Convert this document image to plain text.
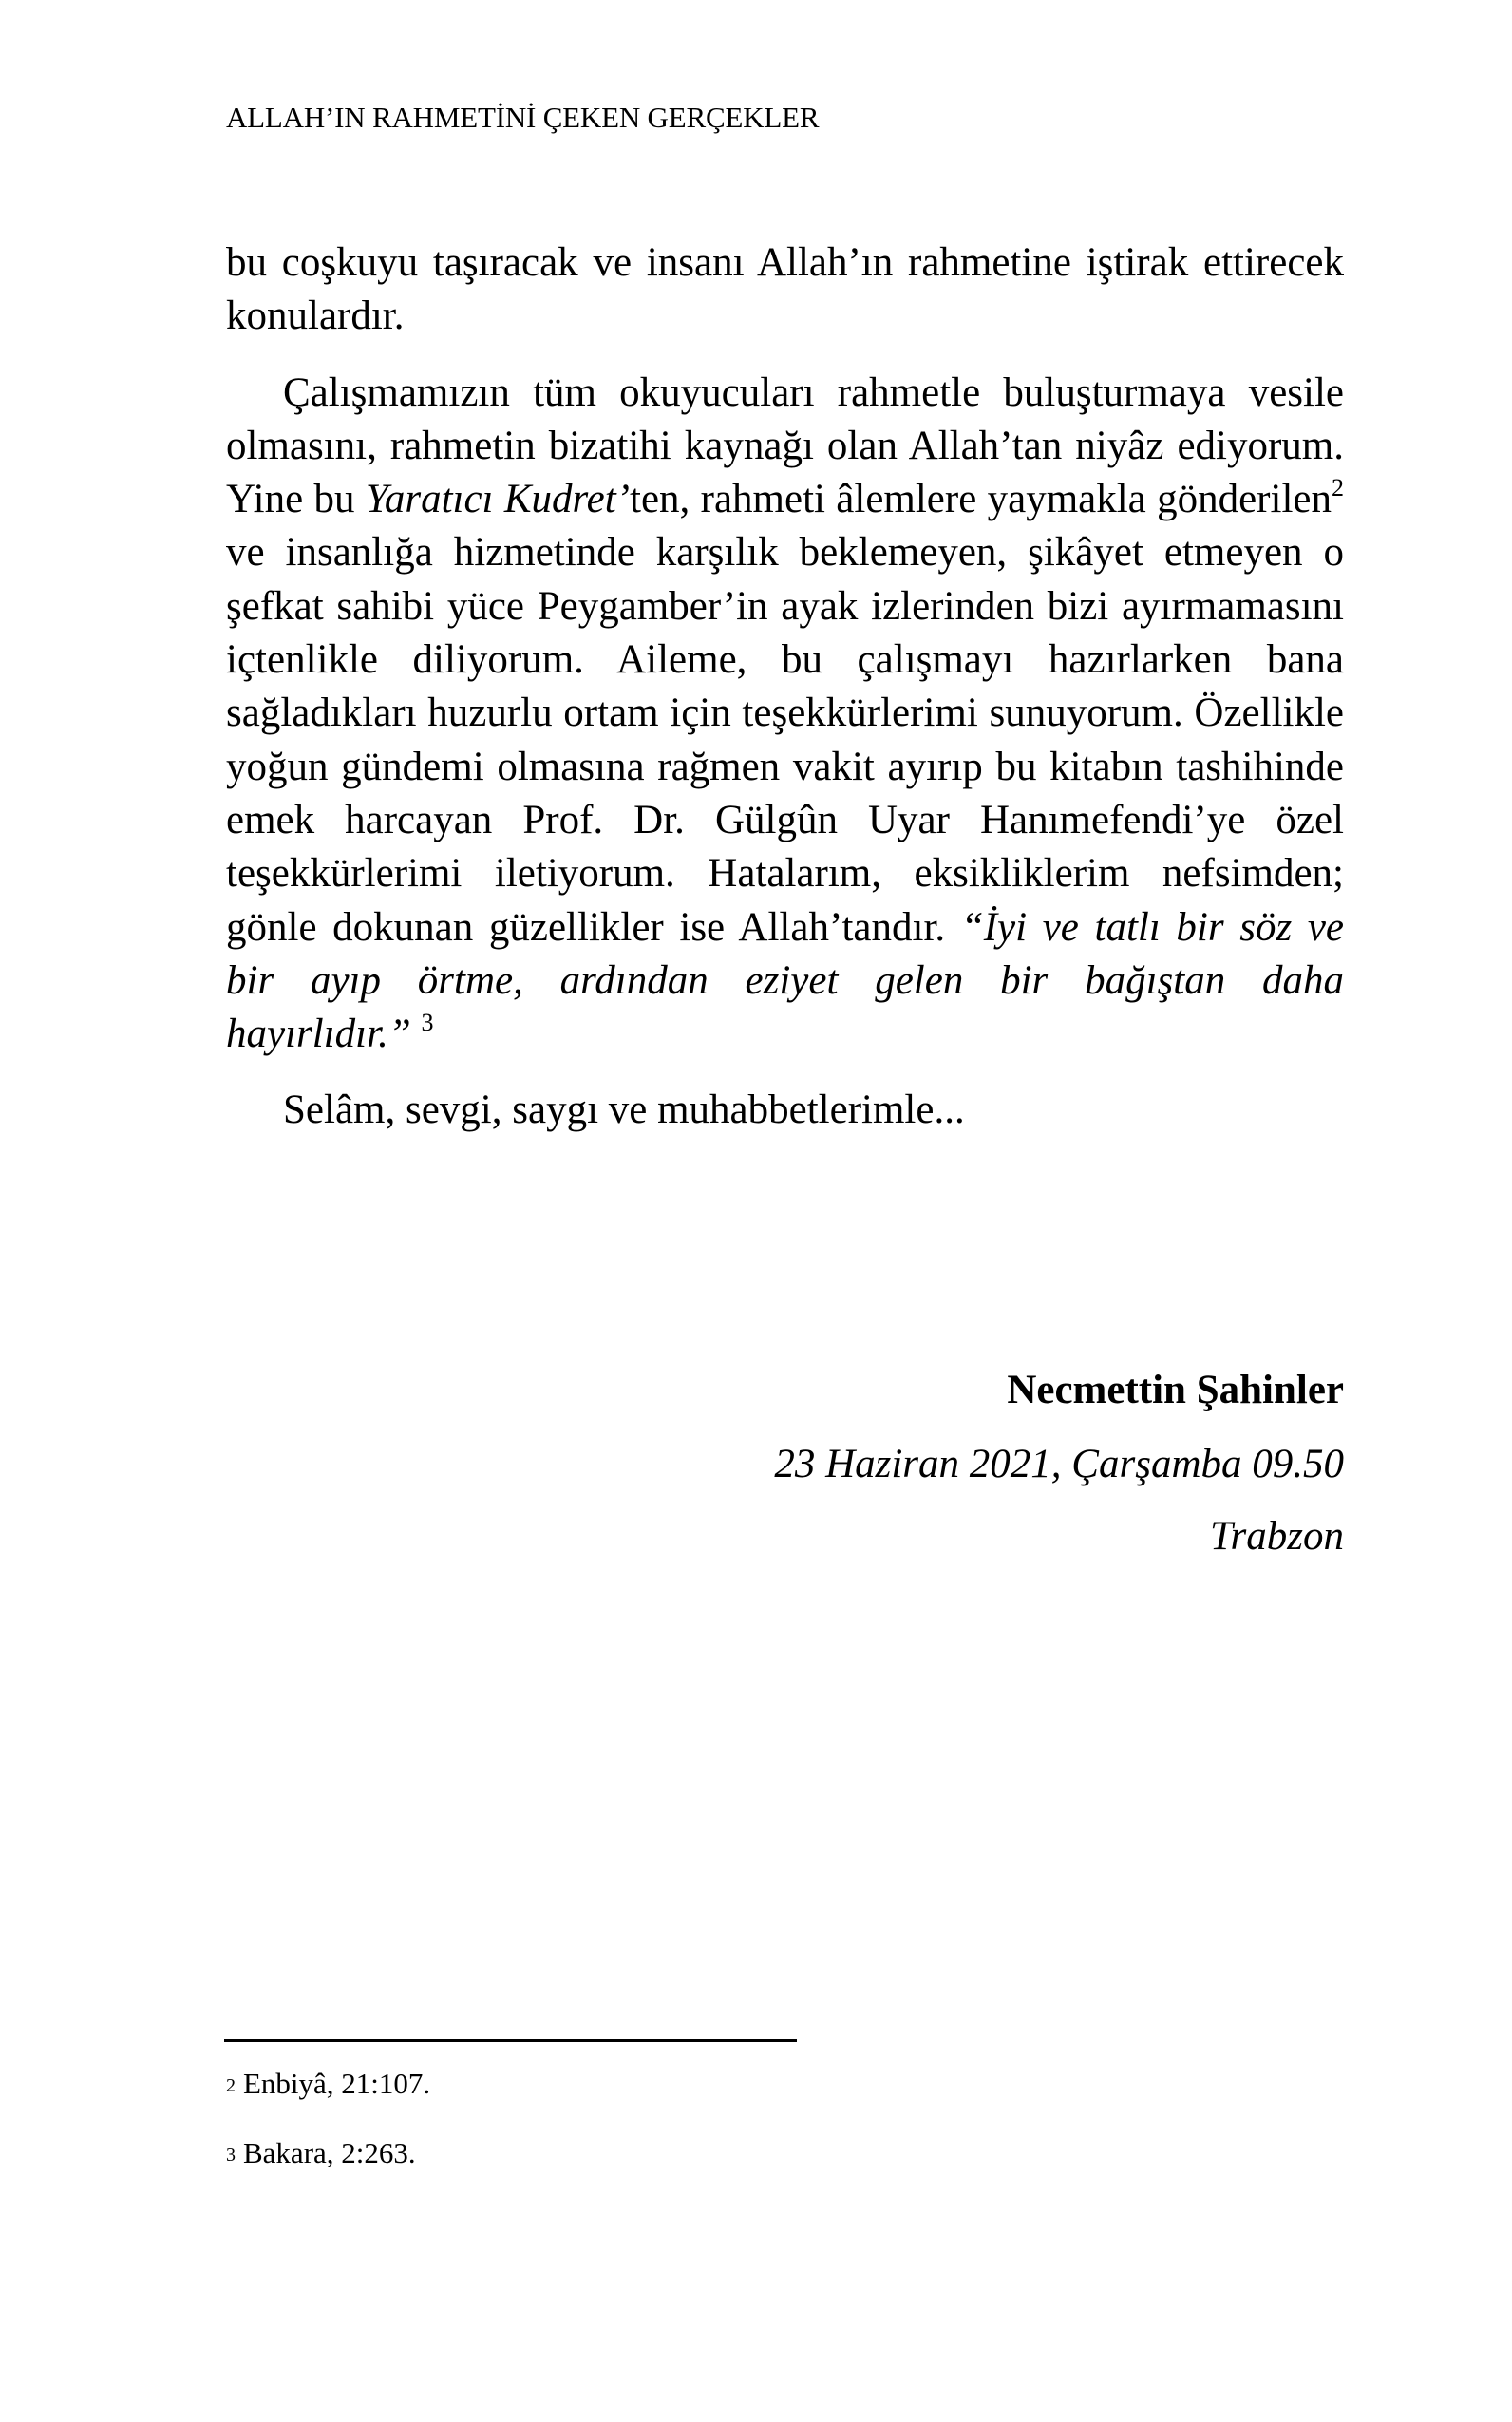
ALLAH’IN RAHMETİNİ ÇEKEN GERÇEKLER

bu coşkuyu taşıracak ve insanı Allah’ın rahmetine iştirak ettirecek konulardır.

Çalışmamızın tüm okuyucuları rahmetle buluşturmaya vesile olmasını, rahmetin bizatihi kaynağı olan Allah’tan niyâz ediyorum. Yine bu Yaratıcı Kudret’ten, rahmeti âlemlere yaymakla gönderilen$^2$ ve insanlığa hizmetinde karşılık beklemeyen, şikâyet etmeyen o şefkat sahibi yüce Peygamber’in ayak izlerinden bizi ayırmamasını içtenlikle diliyorum. Aileme, bu çalışmayı hazırlarken bana sağladıkları huzurlu ortam için teşekkürlerimi sunuyorum. Özellikle yoğun gündemi olmasına rağmen vakit ayırıp bu kitabın tashihinde emek harcayan Prof. Dr. Gülgûn Uyar Hanımefendi’ye özel teşekkürlerimi iletiyorum. Hatalarım, eksikliklerim nefsimden; gönle dokunan güzellikler ise Allah’tandır. “İyi ve tatlı bir söz ve bir ayıp örtme, ardından eziyet gelen bir bağıştan daha hayırlıdır.” $^3$

Selâm, sevgi, saygı ve muhabbetlerimle...

Necmettin Şahinler
23 Haziran 2021, Çarşamba 09.50
Trabzon
$^2$ Enbiyâ, 21:107.
$^3$ Bakara, 2:263.
